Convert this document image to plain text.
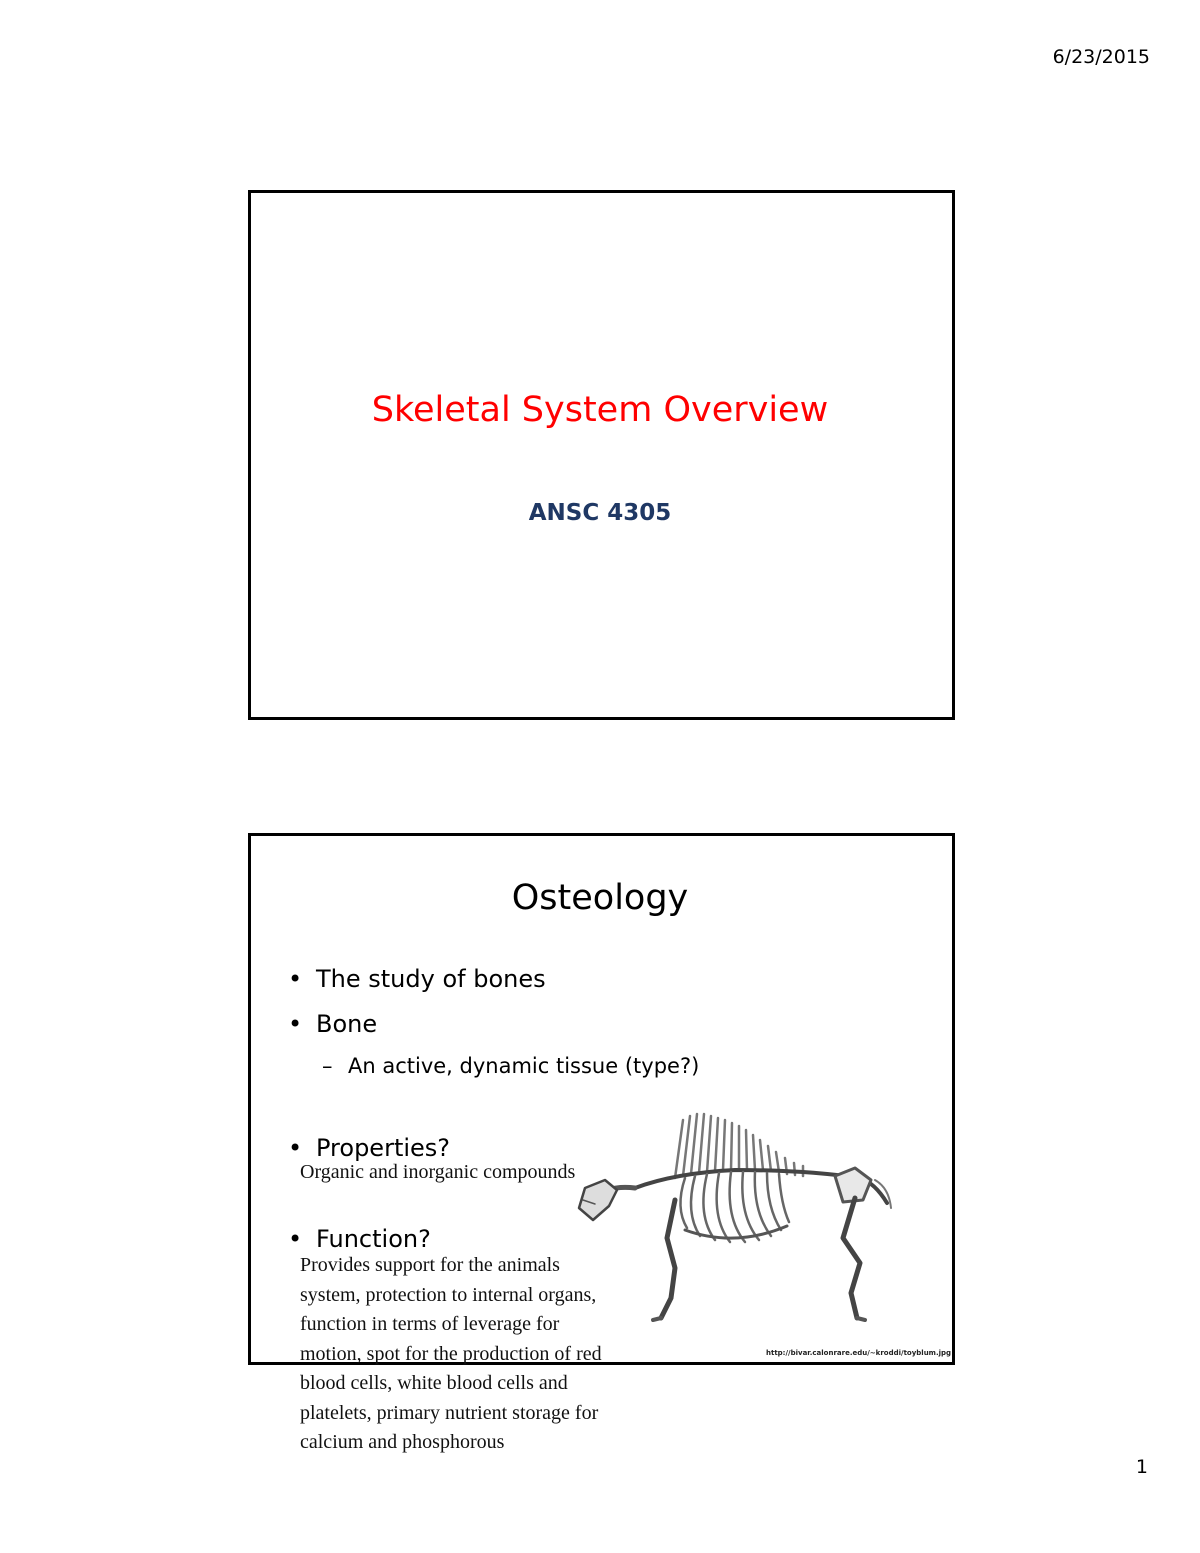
6/23/2015
1
Skeletal System Overview
ANSC 4305
Osteology
• The study of bones
• Bone
– An active, dynamic tissue (type?)
• Properties?
Organic and inorganic compounds
• Function?
Provides support for the animals
system, protection to internal organs,
function in terms of leverage for
motion, spot for the production of red
blood cells, white blood cells and
platelets, primary nutrient storage for
calcium and phosphorous
http://bivar.calonrare.edu/~kroddi/toyblum.jpg
